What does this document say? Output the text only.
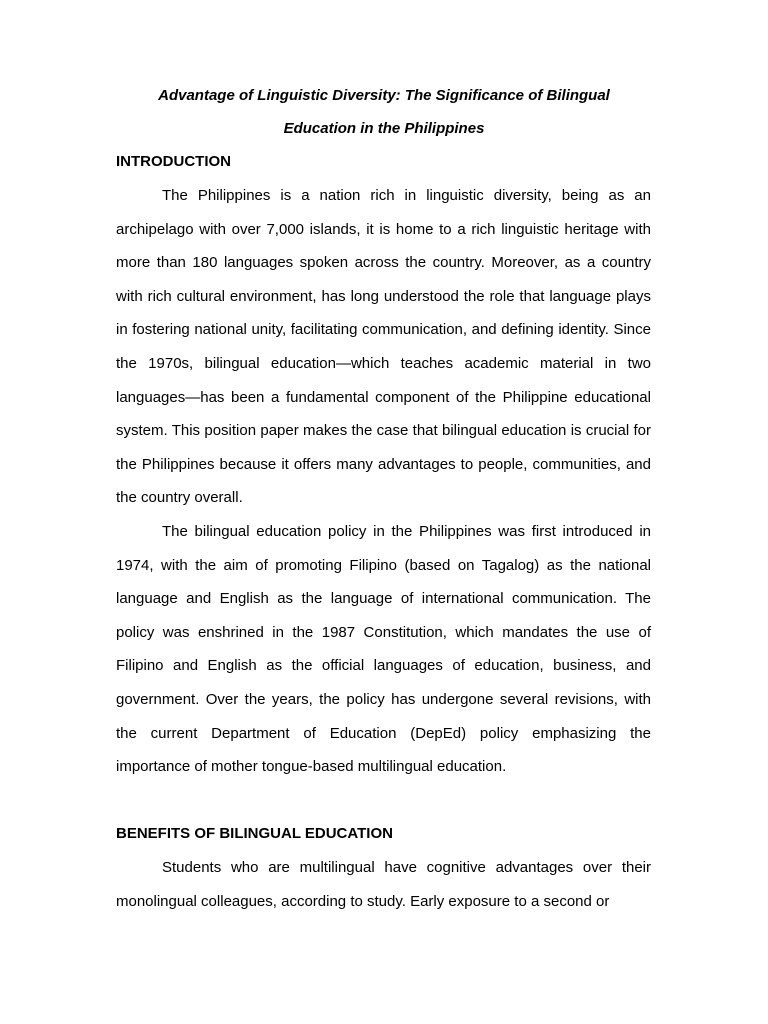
Advantage of Linguistic Diversity: The Significance of Bilingual
Education in the Philippines
INTRODUCTION

The Philippines is a nation rich in linguistic diversity, being as an archipelago with over 7,000 islands, it is home to a rich linguistic heritage with more than 180 languages spoken across the country. Moreover, as a country with rich cultural environment, has long understood the role that language plays in fostering national unity, facilitating communication, and defining identity. Since the 1970s, bilingual education—which teaches academic material in two languages—has been a fundamental component of the Philippine educational system. This position paper makes the case that bilingual education is crucial for the Philippines because it offers many advantages to people, communities, and the country overall.

The bilingual education policy in the Philippines was first introduced in 1974, with the aim of promoting Filipino (based on Tagalog) as the national language and English as the language of international communication. The policy was enshrined in the 1987 Constitution, which mandates the use of Filipino and English as the official languages of education, business, and government. Over the years, the policy has undergone several revisions, with the current Department of Education (DepEd) policy emphasizing the importance of mother tongue-based multilingual education.

BENEFITS OF BILINGUAL EDUCATION

Students who are multilingual have cognitive advantages over their monolingual colleagues, according to study. Early exposure to a second or
